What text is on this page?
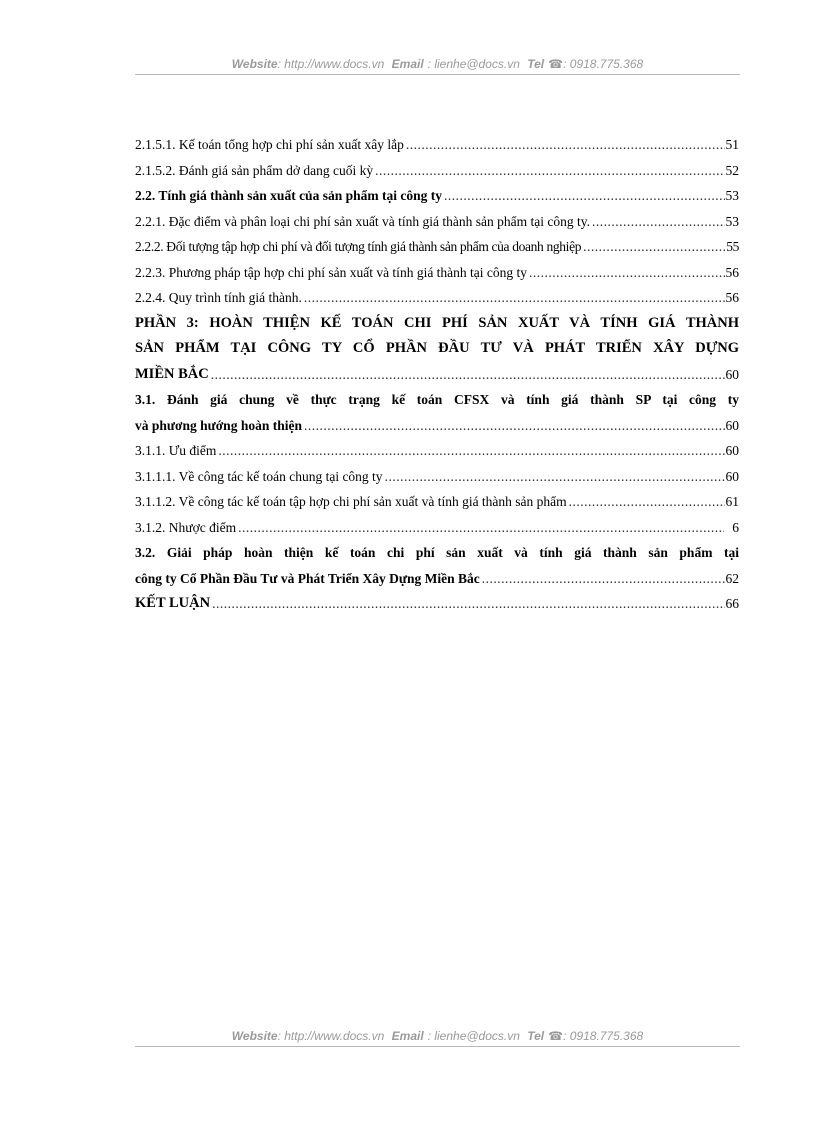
Website: http://www.docs.vn Email : lienhe@docs.vn Tel ☎: 0918.775.368
2.1.5.1. Kế toán tổng hợp chi phí sản xuất xây lắp .....	51
2.1.5.2. Đánh giá sản phẩm dở dang cuối kỳ .....	52
2.2. Tính giá thành sản xuất của sản phẩm tại công ty .....	53
2.2.1. Đặc điểm và phân loại chi phí sản xuất và tính giá thành sản phẩm tại công ty. .....	53
2.2.2. Đối tượng tập hợp chi phí và đối tượng tính giá thành sản phẩm của doanh nghiệp .....	55
2.2.3. Phương pháp tập hợp chi phí sản xuất và tính giá thành tại công ty .....	56
2.2.4. Quy trình tính giá thành. .....	56
PHẦN 3: HOÀN THIỆN KẾ TOÁN CHI PHÍ SẢN XUẤT VÀ TÍNH GIÁ THÀNH
SẢN PHẨM TẠI CÔNG TY CỔ PHẦN ĐẦU TƯ VÀ PHÁT TRIỂN XÂY DỰNG
MIỀN BẮC .....	60
3.1. Đánh giá chung về thực trạng kế toán CFSX và tính giá thành SP tại công ty
và phương hướng hoàn thiện .....	60
3.1.1. Ưu điểm .....	60
3.1.1.1. Về công tác kế toán chung tại công ty .....	60
3.1.1.2. Về công tác kế toán tập hợp chi phí sản xuất và tính giá thành sản phẩm .....	61
3.1.2. Nhược điểm .....	6
3.2. Giải pháp hoàn thiện kế toán chi phí sản xuất và tính giá thành sản phẩm tại
công ty Cổ Phần Đầu Tư và Phát Triển Xây Dựng Miền Bắc .....	62
KẾT LUẬN .....	66
Website: http://www.docs.vn Email : lienhe@docs.vn Tel ☎: 0918.775.368
